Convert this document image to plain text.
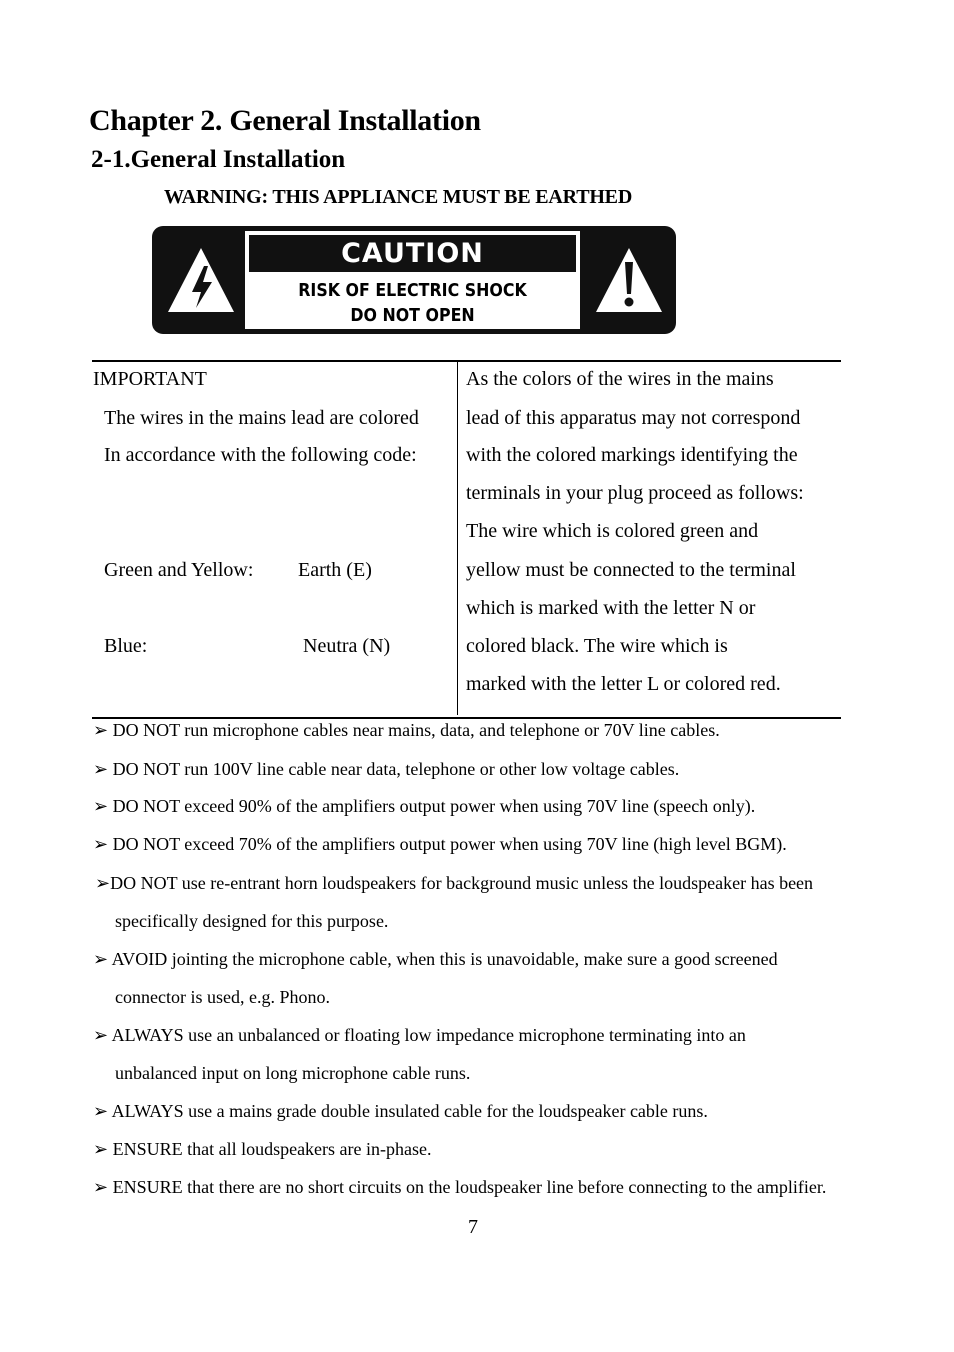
Chapter 2. General Installation
2-1.General Installation
WARNING: THIS APPLIANCE MUST BE EARTHED
CAUTION
RISK OF ELECTRIC SHOCK
DO NOT OPEN
IMPORTANT
The wires in the mains lead are colored
In accordance with the following code:
Green and Yellow: Earth (E)
Blue:	Neutra (N)
As the colors of the wires in the mains
lead of this apparatus may not correspond
with the colored markings identifying the
terminals in your plug proceed as follows:
The wire which is colored green and
yellow must be connected to the terminal
which is marked with the letter N or
colored black. The wire which is
marked with the letter L or colored red.
➢ DO NOT run microphone cables near mains, data, and telephone or 70V line cables.
➢ DO NOT run 100V line cable near data, telephone or other low voltage cables.
➢ DO NOT exceed 90% of the amplifiers output power when using 70V line (speech only).
➢ DO NOT exceed 70% of the amplifiers output power when using 70V line (high level BGM).
➢DO NOT use re-entrant horn loudspeakers for background music unless the loudspeaker has been
specifically designed for this purpose.
➢ AVOID jointing the microphone cable, when this is unavoidable, make sure a good screened
connector is used, e.g. Phono.
➢ ALWAYS use an unbalanced or floating low impedance microphone terminating into an
unbalanced input on long microphone cable runs.
➢ ALWAYS use a mains grade double insulated cable for the loudspeaker cable runs.
➢ ENSURE that all loudspeakers are in-phase.
➢ ENSURE that there are no short circuits on the loudspeaker line before connecting to the amplifier.
7
